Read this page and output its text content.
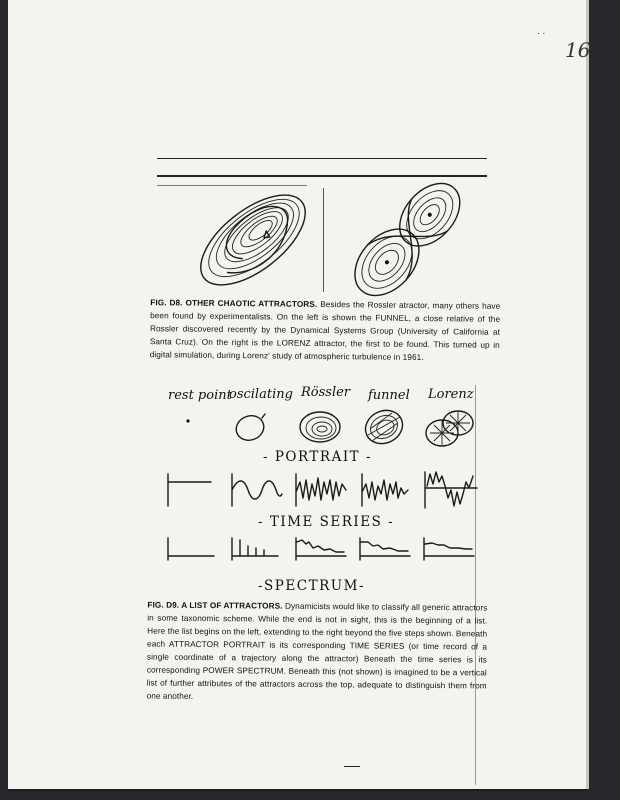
. .
16

FIG. D8. OTHER CHAOTIC ATTRACTORS. Besides the Rossler atractor, many others have been found by experimentalists. On the left is shown the FUNNEL, a close relative of the Rossler discovered recently by the Dynamical Systems Group (University of California at Santa Cruz). On the right is the LORENZ attractor, the first to be found. This turned up in digital simulation, during Lorenz' study of atmospheric turbulence in 1961.

rest point
oscilating Rössler funnel Lorenz
- PORTRAIT -
- TIME SERIES -
-SPECTRUM-

FIG. D9. A LIST OF ATTRACTORS. Dynamicists would like to classify all generic attractors in some taxonomic scheme. While the end is not in sight, this is the beginning of a list. Here the list begins on the left, extending to the right beyond the five steps shown. Beneath each ATTRACTOR PORTRAIT is its corresponding TIME SERIES (or time record of a single coordinate of a trajectory along the attractor) Beneath the time series is its corresponding POWER SPECTRUM. Beneath this (not shown) is imagined to be a vertical list of further attributes of the attractors across the top, adequate to distinguish them from one another.
